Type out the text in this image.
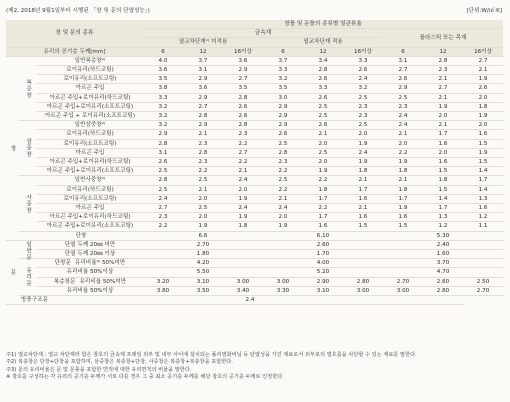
(제2, 2018년 9월1일부터 시행된 「창 및 문의 단열성능」)	[단위:W/㎡·K]
창 및 문의 종류			창틀 및 문틀의 종류별 열관류율								
			금속재						플라스틱 또는 목재		
			열교차단재¹⁾ 미적용			열교차단재 적용					
유리의 공기층 두께[mm]			6	12	16이상	6	12	16이상	6	12	16이상
창	복층창	일반복층창²⁾	4.0	3.7	3.6	3.7	3.4	3.3	3.1	2.8	2.7
		로이유리(하드코팅)	3.6	3.1	2.9	3.3	2.8	2.6	2.7	2.3	2.1
		로이유리(소프트코팅)	3.5	2.9	2.7	3.2	2.6	2.4	2.6	2.1	1.9
		아르곤 주입	3.8	3.6	3.5	3.5	3.3	3.2	2.9	2.7	2.6
		아르곤 주입+로이유리(하드코팅)	3.3	2.9	2.8	3.0	2.6	2.5	2.5	2.1	2.0
		아르곤 주입+로이유리(소프트코팅)	3.2	2.7	2.6	2.9	2.5	2.3	2.3	1.9	1.8
		아르곤 주입 + 로이유리(소프트코팅)	3.2	2.8	2.6	2.9	2.5	2.3	2.4	2.0	1.9
	삼중창	일반삼중창²⁾	3.2	2.9	2.8	2.9	2.6	2.5	2.4	2.1	2.0
		로이유리(하드코팅)	2.9	2.1	2.3	2.6	2.1	2.0	2.1	1.7	1.6
		로이유리(소프트코팅)	2.8	2.3	2.2	2.5	2.0	1.9	2.0	1.6	1.5
		아르곤 주입	3.1	2.8	2.7	2.8	2.5	2.4	2.2	2.0	1.9
		아르곤 주입+로이유리(하드코팅)	2.6	2.3	2.2	2.3	2.0	1.9	1.9	1.6	1.5
		아르곤 주입+로이유리(소프트코팅)	2.5	2.2	2.1	2.2	1.9	1.8	1.8	1.5	1.4
	사중창	일반사중창²⁾	2.8	2.5	2.4	2.5	2.2	2.1	2.1	1.8	1.7
		로이유리(하드코팅)	2.5	2.1	2.0	2.2	1.8	1.7	1.8	1.5	1.4
		로이유리(소프트코팅)	2.4	2.0	1.9	2.1	1.7	1.6	1.7	1.4	1.3
		아르곤 주입	2.7	2.5	2.4	2.4	2.2	2.1	1.9	1.7	1.6
		아르곤 주입+로이유리(하드코팅)	2.3	2.0	1.9	2.0	1.7	1.6	1.6	1.3	1.2
		아르곤 주입+로이유리(소프트코팅)	2.2	1.9	1.8	1.9	1.6	1.5	1.5	1.2	1.1
	단창		6.6			6.10			5.30		
문	일반문	단열 두께 20㎜ 미만	2.70			2.60			2.40		
		단열 두께 20㎜ 이상	1.80			1.70			1.60		
	유리문	단창문 유리비율³⁾ 50%미만	4.20			4.00			3.70		
		유리비율 50%이상	5.50			5.20			4.70		
		복층창문 유리비율 50%미만	3.20	3.10	3.00	3.00	2.90	2.80	2.70	2.60	2.50
		유리비율 50%이상	3.80	3.50	3.40	3.30	3.10	3.00	3.00	2.80	2.70
	방풍구조문	2.4									
주1) 열교차단재 : 열교 차단재라 함은 창호의 금속제 프레임 외부 및 내부 사이에 설치되는 폴리염화비닐 등 단열성을 가진 재료로서 외부로의 열흐름을 차단할 수 있는 재료를 말한다.
주2) 복층창은 단창+단창을 포함하며, 삼중창은 복층창+단창, 사중창은 복층창+복층창을 포함한다.
주3) 문의 유리비율은 문 및 문틀을 포함한 면적에 대한 유리면적의 비율을 말한다.
※ 창호를 구성하는 각 유리의 공기층 두께가 서로 다를 경우 그 중 최소 공기층 두께를 해당 창호의 공기층 두께로 인정한다.
